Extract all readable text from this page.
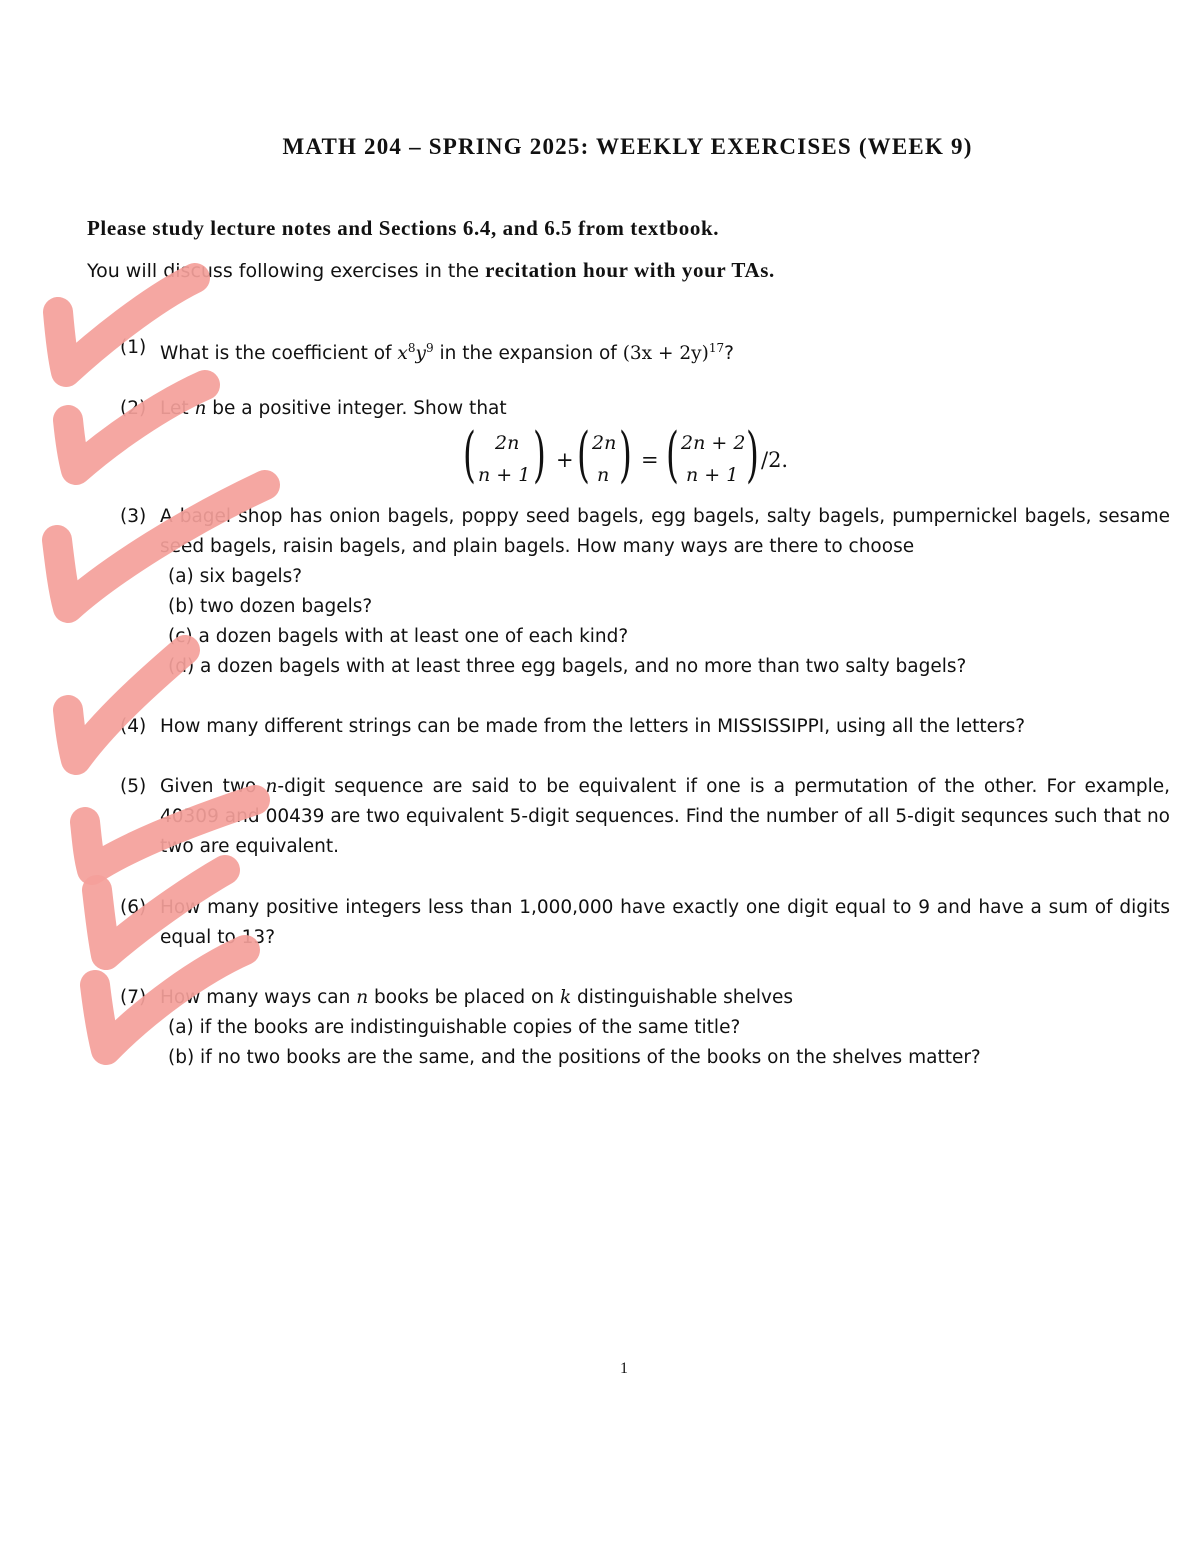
MATH 204 – SPRING 2025: WEEKLY EXERCISES (WEEK 9)
Please study lecture notes and Sections 6.4, and 6.5 from textbook.
You will discuss following exercises in the recitation hour with your TAs.
(1) What is the coefficient of $x^8y^9$ in the expansion of $(3x + 2y)^{17}$?
(2) Let n be a positive integer. Show that
( 2n
n + 1 ) + ( 2n
n ) = ( 2n + 2
n + 1 ) /2.
(3) A bagel shop has onion bagels, poppy seed bagels, egg bagels, salty bagels, pumpernickel bagels, sesame seed bagels, raisin bagels, and plain bagels. How many ways are there to choose
(a) six bagels?
(b) two dozen bagels?
(c) a dozen bagels with at least one of each kind?
(d) a dozen bagels with at least three egg bagels, and no more than two salty bagels?
(4) How many different strings can be made from the letters in MISSISSIPPI, using all the letters?
(5) Given two n-digit sequence are said to be equivalent if one is a permutation of the other. For example, 40309 and 00439 are two equivalent 5-digit sequences. Find the number of all 5-digit sequnces such that no two are equivalent.
(6) How many positive integers less than 1,000,000 have exactly one digit equal to 9 and have a sum of digits equal to 13?
(7) How many ways can n books be placed on k distinguishable shelves
(a) if the books are indistinguishable copies of the same title?
(b) if no two books are the same, and the positions of the books on the shelves matter?
1
